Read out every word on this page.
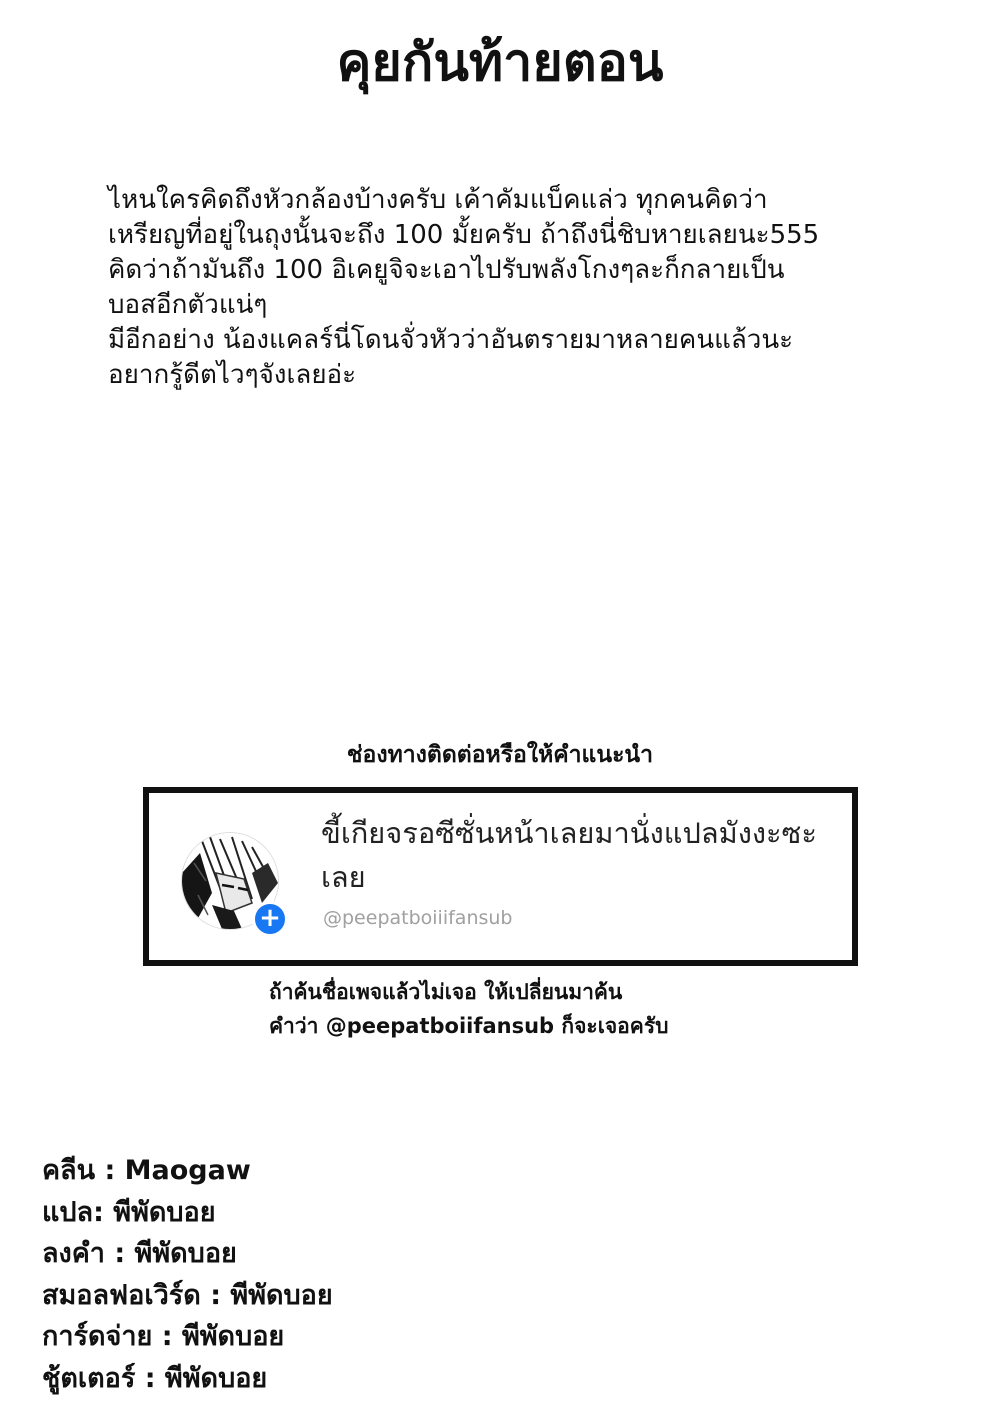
คุยกันท้ายตอน

ไหนใครคิดถึงหัวกล้องบ้างครับ เค้าคัมแบ็คแล่ว ทุกคนคิดว่า

เหรียญที่อยู่ในถุงนั้นจะถึง 100 มั้ยครับ ถ้าถึงนี่ชิบหายเลยนะ555

คิดว่าถ้ามันถึง 100 อิเคยูจิจะเอาไปรับพลังโกงๆละก็กลายเป็น

บอสอีกตัวแน่ๆ

มีอีกอย่าง น้องแคลร์นี่โดนจั่วหัวว่าอันตรายมาหลายคนแล้วนะ

อยากรู้ดีตไวๆจังเลยอ่ะ

ช่องทางติดต่อหรือให้คำแนะนำ
+
ขี้เกียจรอซีซั่นหน้าเลยมานั่งแปลมังงะซะเลย
@peepatboiiifansub

ถ้าค้นชื่อเพจแล้วไม่เจอ ให้เปลี่ยนมาค้น

คำว่า @peepatboiifansub ก็จะเจอครับ

คลีน : Maogaw
แปล: พีพัดบอย
ลงคำ : พีพัดบอย
สมอลฟอเวิร์ด : พีพัดบอย
การ์ดจ่าย : พีพัดบอย
ชู้ตเตอร์ : พีพัดบอย
